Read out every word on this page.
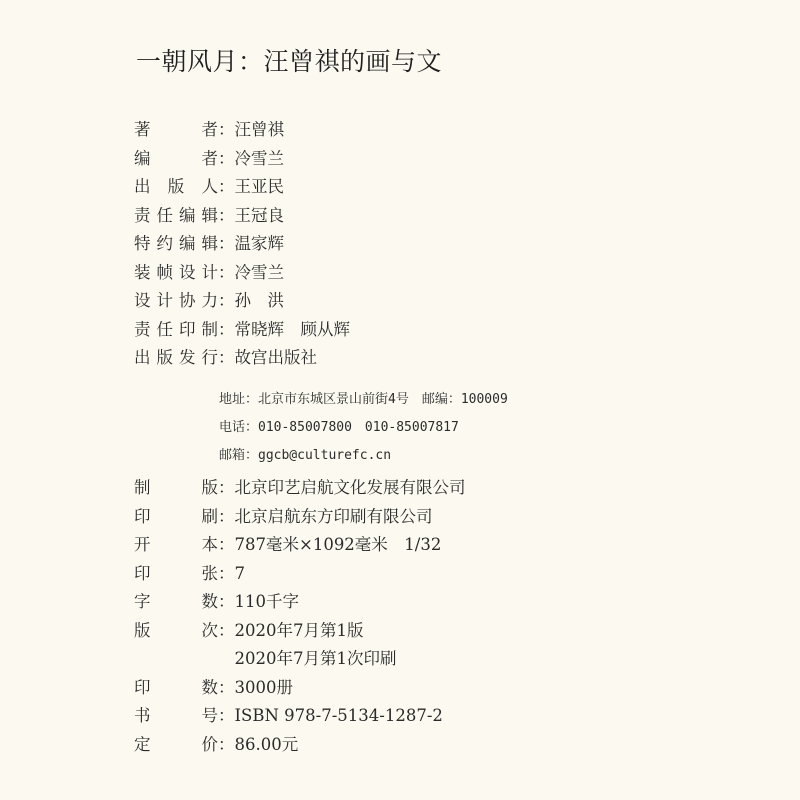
一朝风月：汪曾祺的画与文
著	者 ： 汪曾祺
编	者 ： 冷雪兰
出 版 人 ： 王亚民
责 任 编 辑 ： 王冠良
特 约 编 辑 ： 温家辉
装 帧 设 计 ： 冷雪兰
设 计 协 力 ： 孙　洪
责 任 印 制 ： 常晓辉　顾从辉
出 版 发 行 ： 故宫出版社
地址：北京市东城区景山前街4号　邮编：100009
电话：010-85007800　010-85007817
邮箱：ggcb@culturefc.cn
制	版 ： 北京印艺启航文化发展有限公司
印	刷 ： 北京启航东方印刷有限公司
开	本 ： 787毫米×1092毫米　1/32
印	张 ： 7
字	数 ： 110千字
版	次 ： 2020年7月第1版

2020年7月第1次印刷
印	数 ： 3000册
书	号 ： ISBN 978-7-5134-1287-2
定	价 ： 86.00元
